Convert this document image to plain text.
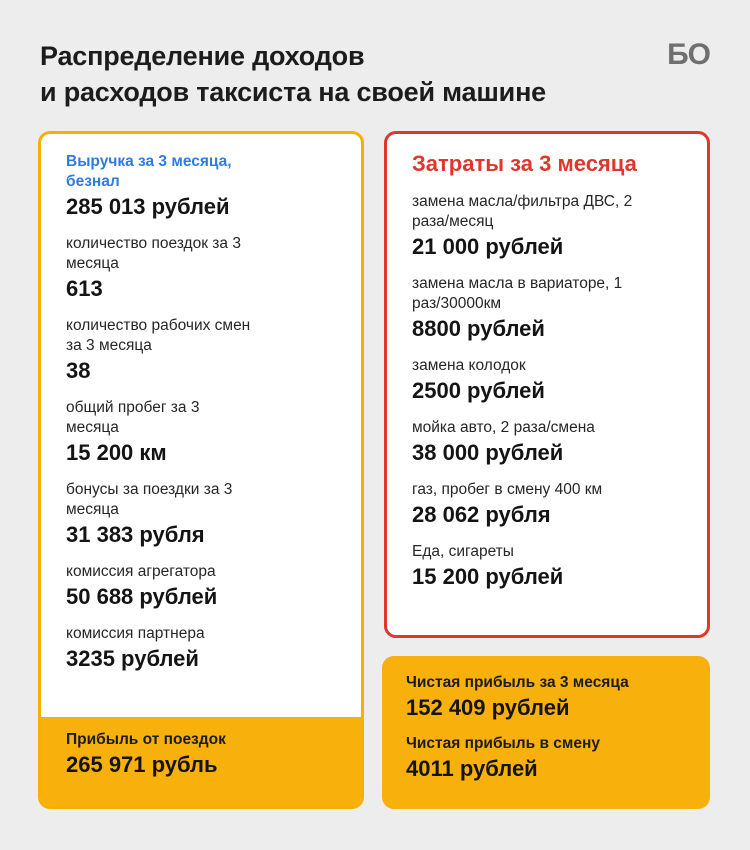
Распределение доходов
и расходов таксиста на своей машине
БО
Выручка за 3 месяца, безнал
285 013 рублей
количество поездок за 3 месяца
613
количество рабочих смен за 3 месяца
38
общий пробег за 3 месяца
15 200 км
бонусы за поездки за 3 месяца
31 383 рубля
комиссия агрегатора
50 688 рублей
комиссия партнера
3235 рублей
Прибыль от поездок
265 971 рубль
Затраты за 3 месяца
замена масла/фильтра ДВС, 2 раза/месяц
21 000 рублей
замена масла в вариаторе, 1 раз/30000км
8800 рублей
замена колодок
2500 рублей
мойка авто, 2 раза/смена
38 000 рублей
газ, пробег в смену 400 км
28 062 рубля
Еда, сигареты
15 200 рублей
Чистая прибыль за 3 месяца
152 409 рублей
Чистая прибыль в смену
4011 рублей
